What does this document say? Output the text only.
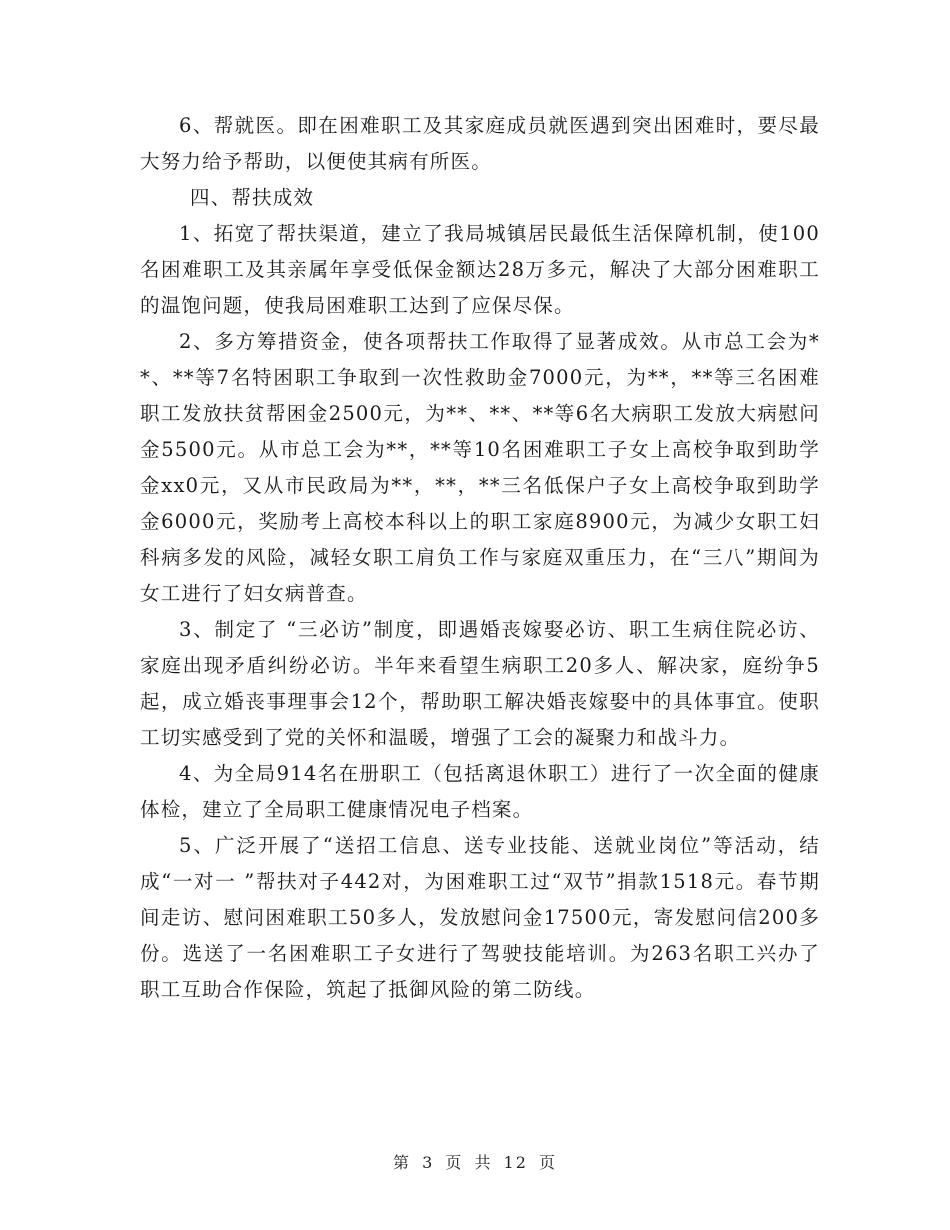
6、帮就医。即在困难职工及其家庭成员就医遇到突出困难时，要尽最大努力给予帮助，以便使其病有所医。

四、帮扶成效

1、拓宽了帮扶渠道，建立了我局城镇居民最低生活保障机制，使100名困难职工及其亲属年享受低保金额达28万多元，解决了大部分困难职工的温饱问题，使我局困难职工达到了应保尽保。

2、多方筹措资金，使各项帮扶工作取得了显著成效。从市总工会为**、**等7名特困职工争取到一次性救助金7000元，为**，**等三名困难职工发放扶贫帮困金2500元，为**、**、**等6名大病职工发放大病慰问金5500元。从市总工会为**，**等10名困难职工子女上高校争取到助学金xx0元，又从市民政局为**，**，**三名低保户子女上高校争取到助学金6000元，奖励考上高校本科以上的职工家庭8900元，为减少女职工妇科病多发的风险，减轻女职工肩负工作与家庭双重压力，在“三八”期间为女工进行了妇女病普查。

3、制定了 “三必访”制度，即遇婚丧嫁娶必访、职工生病住院必访、家庭出现矛盾纠纷必访。半年来看望生病职工20多人、解决家，庭纷争5起，成立婚丧事理事会12个，帮助职工解决婚丧嫁娶中的具体事宜。使职工切实感受到了党的关怀和温暖，增强了工会的凝聚力和战斗力。

4、为全局914名在册职工（包括离退休职工）进行了一次全面的健康体检，建立了全局职工健康情况电子档案。

5、广泛开展了“送招工信息、送专业技能、送就业岗位”等活动，结成“一对一 ”帮扶对子442对，为困难职工过“双节”捐款1518元。春节期间走访、慰问困难职工50多人，发放慰问金17500元，寄发慰问信200多份。选送了一名困难职工子女进行了驾驶技能培训。为263名职工兴办了职工互助合作保险，筑起了抵御风险的第二防线。

第 3 页 共 12 页
